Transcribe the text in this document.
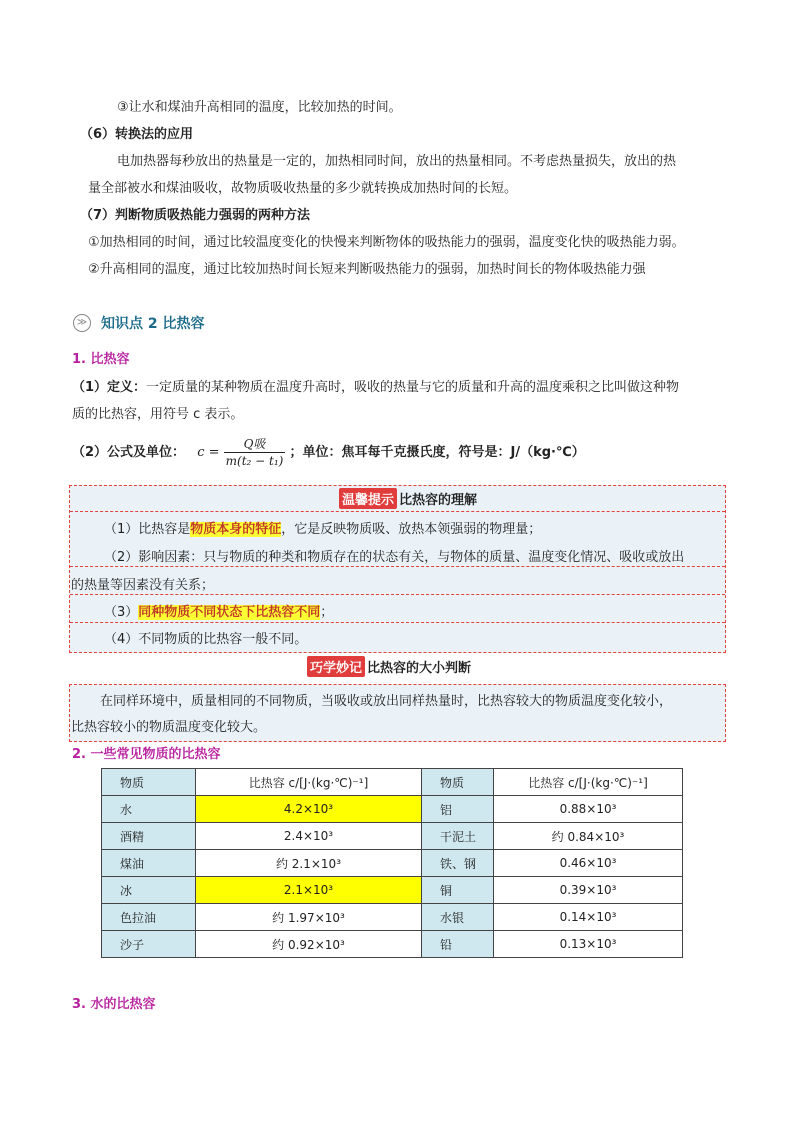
③让水和煤油升高相同的温度，比较加热的时间。
（6）转换法的应用
电加热器每秒放出的热量是一定的，加热相同时间，放出的热量相同。不考虑热量损失，放出的热
量全部被水和煤油吸收，故物质吸收热量的多少就转换成加热时间的长短。
（7）判断物质吸热能力强弱的两种方法
①加热相同的时间，通过比较温度变化的快慢来判断物体的吸热能力的强弱，温度变化快的吸热能力弱。
②升高相同的温度，通过比较加热时间长短来判断吸热能力的强弱，加热时间长的物体吸热能力强
≫ 知识点 2 比热容
1. 比热容
（1）定义：一定质量的某种物质在温度升高时，吸收的热量与它的质量和升高的温度乘积之比叫做这种物
质的比热容，用符号 c 表示。
（2）公式及单位： $c = \frac{\text{Q吸}}{\text{m(t₂ − t₁)}}$ ；单位：焦耳每千克摄氏度，符号是：J/（kg·℃）
温馨提示 比热容的理解
（1）比热容是物质本身的特征，它是反映物质吸、放热本领强弱的物理量；
（2）影响因素：只与物质的种类和物质存在的状态有关，与物体的质量、温度变化情况、吸收或放出
的热量等因素没有关系；
（3）同种物质不同状态下比热容不同；
（4）不同物质的比热容一般不同。
巧学妙记 比热容的大小判断
在同样环境中，质量相同的不同物质，当吸收或放出同样热量时，比热容较大的物质温度变化较小，
比热容较小的物质温度变化较大。
2. 一些常见物质的比热容
物质	比热容 c/[J·(kg·℃)⁻¹]	物质	比热容 c/[J·(kg·℃)⁻¹]
水	4.2×10³	铝	0.88×10³
酒精	2.4×10³	干泥土	约 0.84×10³
煤油	约 2.1×10³	铁、钢	0.46×10³
冰	2.1×10³	铜	0.39×10³
色拉油	约 1.97×10³	水银	0.14×10³
沙子	约 0.92×10³	铅	0.13×10³
3. 水的比热容
